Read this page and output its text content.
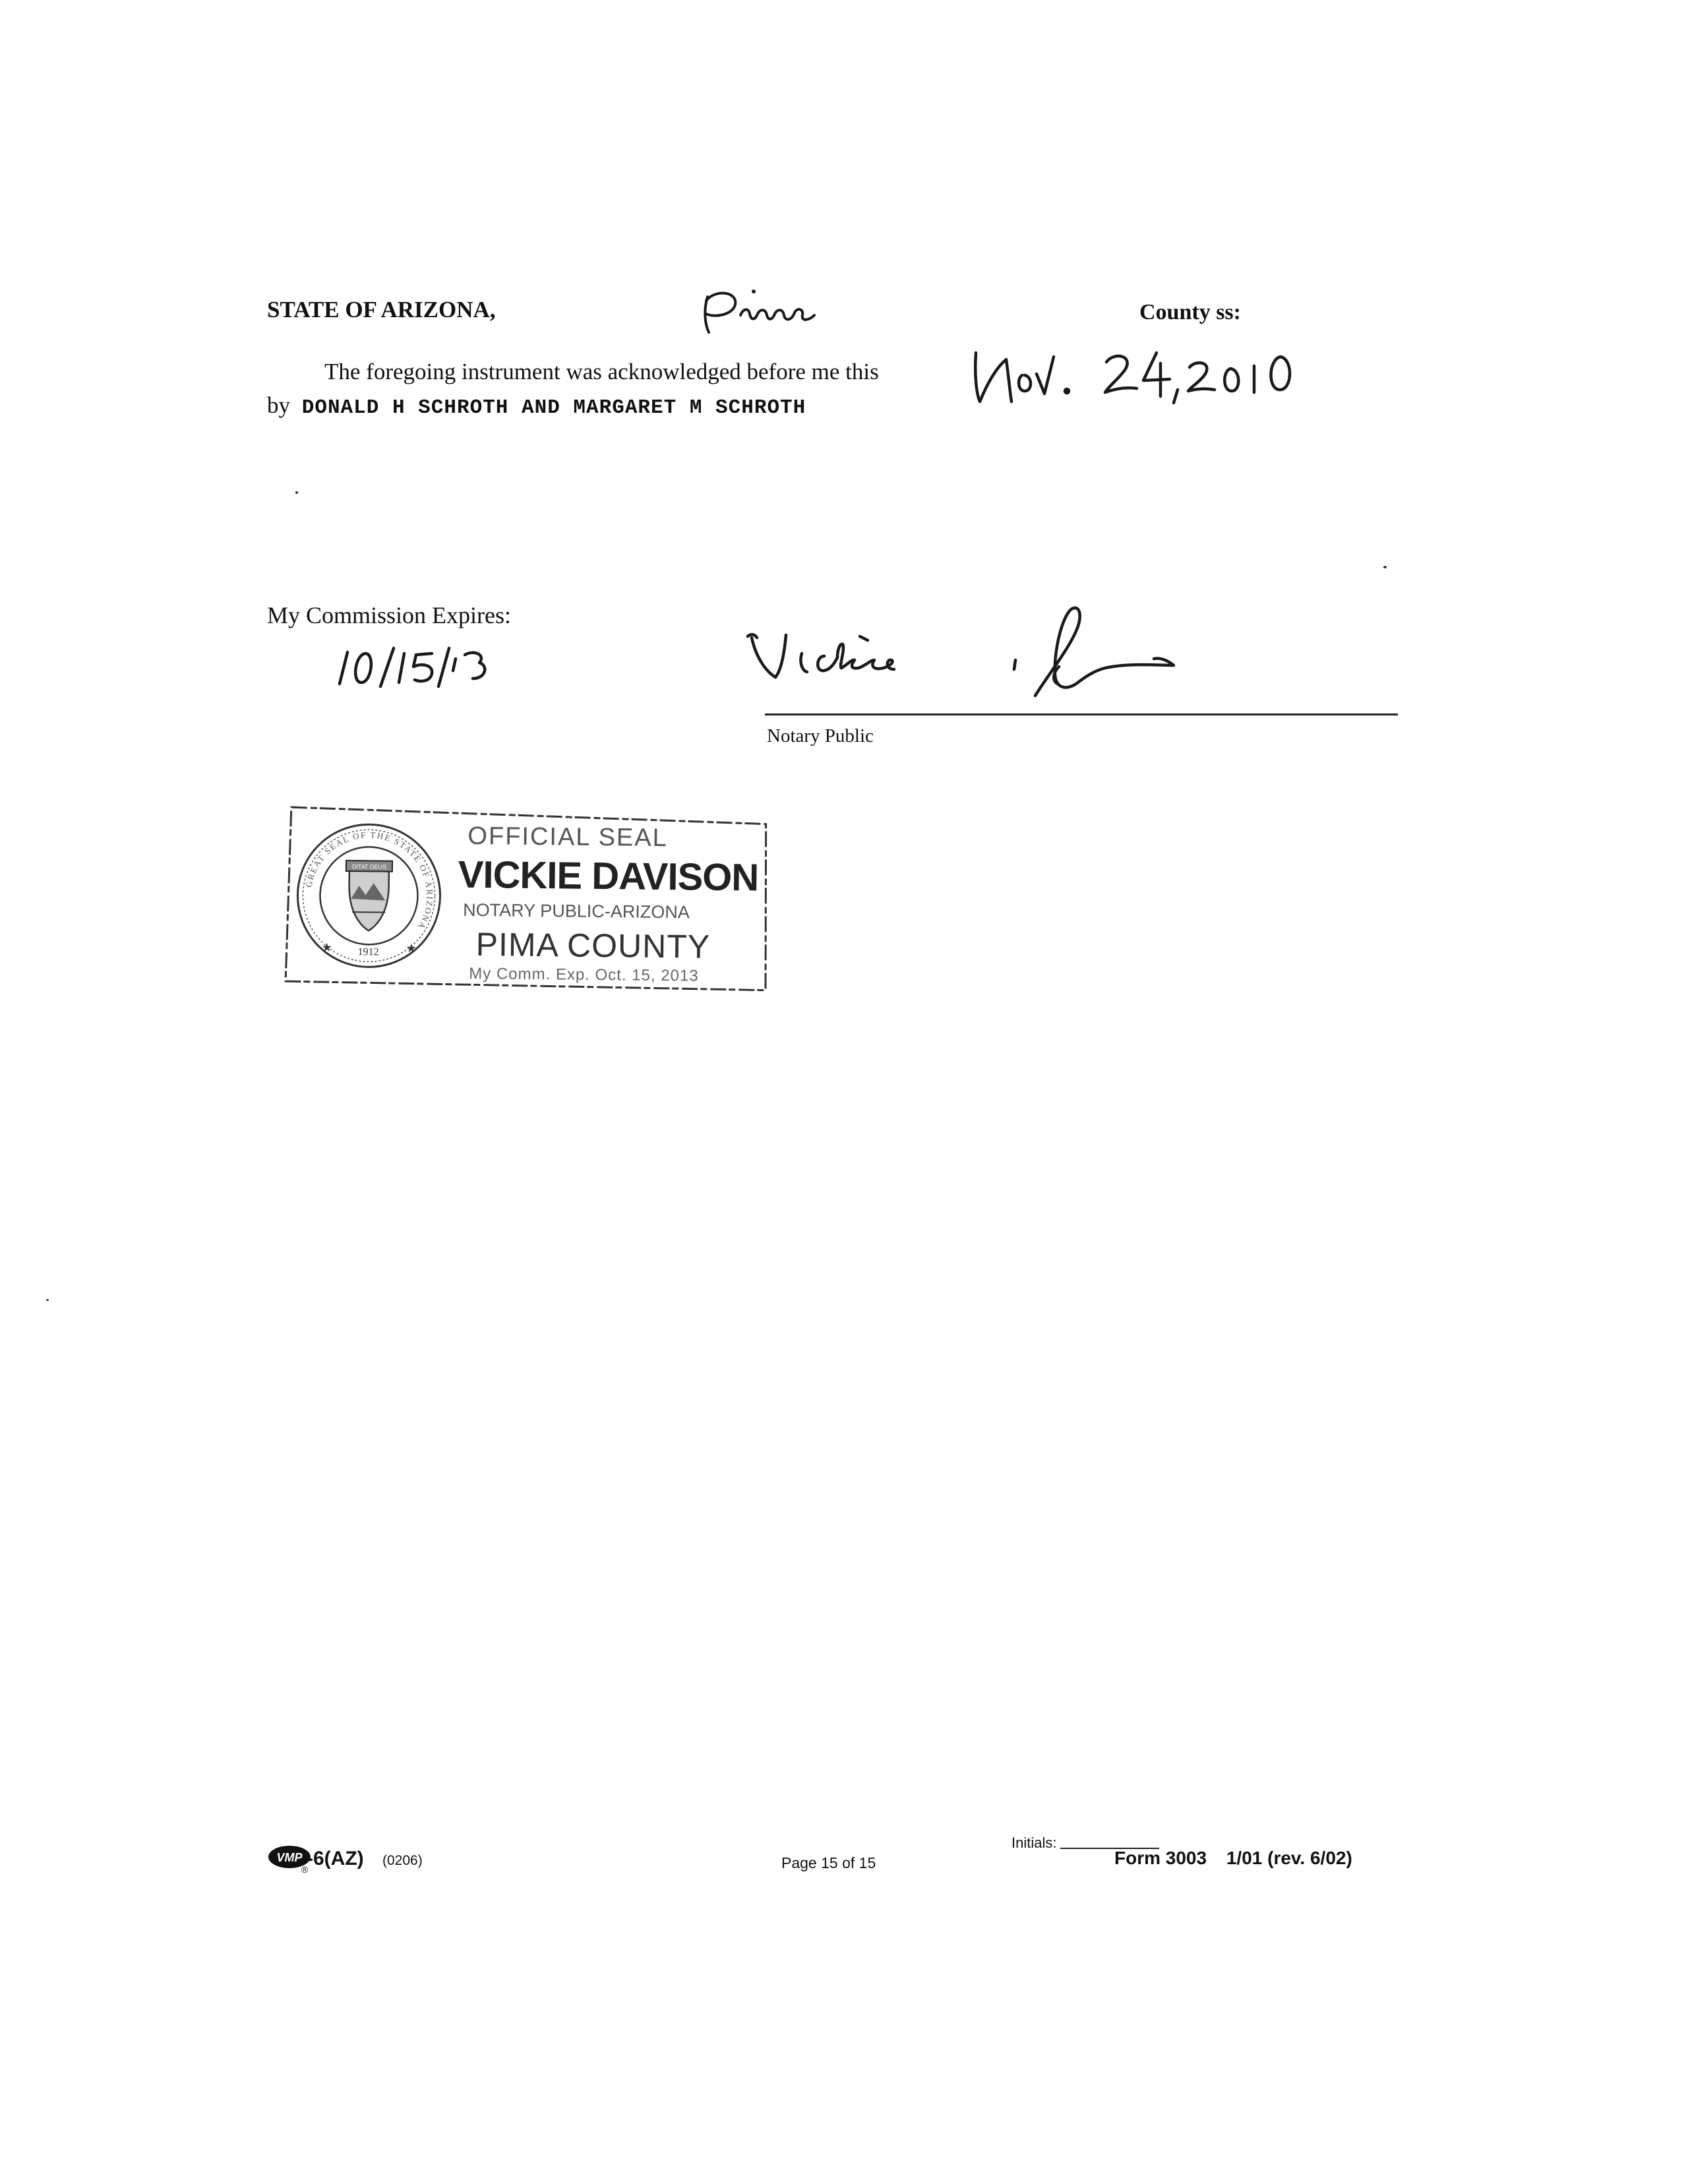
STATE OF ARIZONA,	County ss:
The foregoing instrument was acknowledged before me this
by DONALD H SCHROTH AND MARGARET M SCHROTH
My Commission Expires:
Notary Public
DITAT DEUS
1912
★	★
GREAT SEAL OF THE STATE OF ARIZONA
OFFICIAL SEAL
VICKIE DAVISON
NOTARY PUBLIC-ARIZONA
PIMA COUNTY
My Comm. Exp. Oct. 15, 2013
VMP
®
-6(AZ) (0206)	Page 15 of 15
Initials:
Form 3003 1/01 (rev. 6/02)
